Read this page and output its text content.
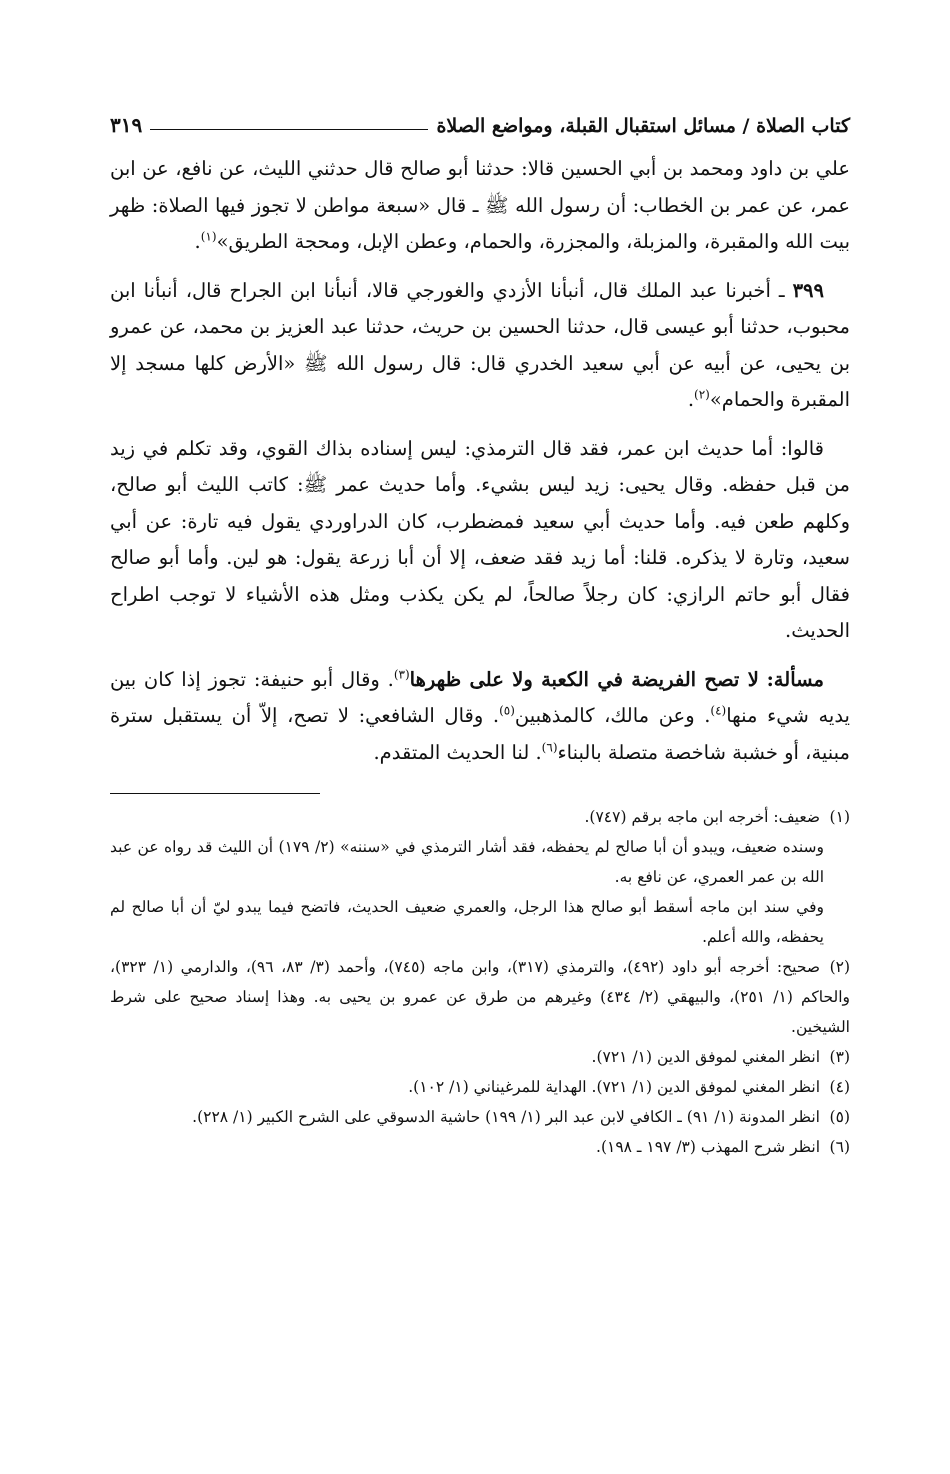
كتاب الصلاة / مسائل استقبال القبلة، ومواضع الصلاة
٣١٩

علي بن داود ومحمد بن أبي الحسين قالا: حدثنا أبو صالح قال حدثني الليث، عن نافع، عن ابن عمر، عن عمر بن الخطاب: أن رسول الله ﷺ ـ قال «سبعة مواطن لا تجوز فيها الصلاة: ظهر بيت الله والمقبرة، والمزبلة، والمجزرة، والحمام، وعطن الإبل، ومحجة الطريق»$^{(١)}$.

٣٩٩ ـ أخبرنا عبد الملك قال، أنبأنا الأزدي والغورجي قالا، أنبأنا ابن الجراح قال، أنبأنا ابن محبوب، حدثنا أبو عيسى قال، حدثنا الحسين بن حريث، حدثنا عبد العزيز بن محمد، عن عمرو بن يحيى، عن أبيه عن أبي سعيد الخدري قال: قال رسول الله ﷺ «الأرض كلها مسجد إلا المقبرة والحمام»$^{(٢)}$.

قالوا: أما حديث ابن عمر، فقد قال الترمذي: ليس إسناده بذاك القوي، وقد تكلم في زيد من قبل حفظه. وقال يحيى: زيد ليس بشيء. وأما حديث عمر ﷺ: كاتب الليث أبو صالح، وكلهم طعن فيه. وأما حديث أبي سعيد فمضطرب، كان الدراوردي يقول فيه تارة: عن أبي سعيد، وتارة لا يذكره. قلنا: أما زيد فقد ضعف، إلا أن أبا زرعة يقول: هو لين. وأما أبو صالح فقال أبو حاتم الرازي: كان رجلاً صالحاً، لم يكن يكذب ومثل هذه الأشياء لا توجب اطراح الحديث.

مسألة: لا تصح الفريضة في الكعبة ولا على ظهرها$^{(٣)}$. وقال أبو حنيفة: تجوز إذا كان بين يديه شيء منها$^{(٤)}$. وعن مالك، كالمذهبين$^{(٥)}$. وقال الشافعي: لا تصح، إلاّ أن يستقبل سترة مبنية، أو خشبة شاخصة متصلة بالبناء$^{(٦)}$. لنا الحديث المتقدم.

(١)ضعيف: أخرجه ابن ماجه برقم (٧٤٧).

وسنده ضعيف، ويبدو أن أبا صالح لم يحفظه، فقد أشار الترمذي في «سننه» (٢/ ١٧٩) أن الليث قد رواه عن عبد الله بن عمر العمري، عن نافع به.

وفي سند ابن ماجه أسقط أبو صالح هذا الرجل، والعمري ضعيف الحديث، فاتضح فيما يبدو ليّ أن أبا صالح لم يحفظه، والله أعلم.

(٢)صحيح: أخرجه أبو داود (٤٩٢)، والترمذي (٣١٧)، وابن ماجه (٧٤٥)، وأحمد (٣/ ٨٣، ٩٦)، والدارمي (١/ ٣٢٣)، والحاكم (١/ ٢٥١)، والبيهقي (٢/ ٤٣٤) وغيرهم من طرق عن عمرو بن يحيى به. وهذا إسناد صحيح على شرط الشيخين.

(٣)انظر المغني لموفق الدين (١/ ٧٢١).

(٤)انظر المغني لموفق الدين (١/ ٧٢١). الهداية للمرغيناني (١/ ١٠٢).

(٥)انظر المدونة (١/ ٩١) ـ الكافي لابن عبد البر (١/ ١٩٩) حاشية الدسوقي على الشرح الكبير (١/ ٢٢٨).

(٦)انظر شرح المهذب (٣/ ١٩٧ ـ ١٩٨).
